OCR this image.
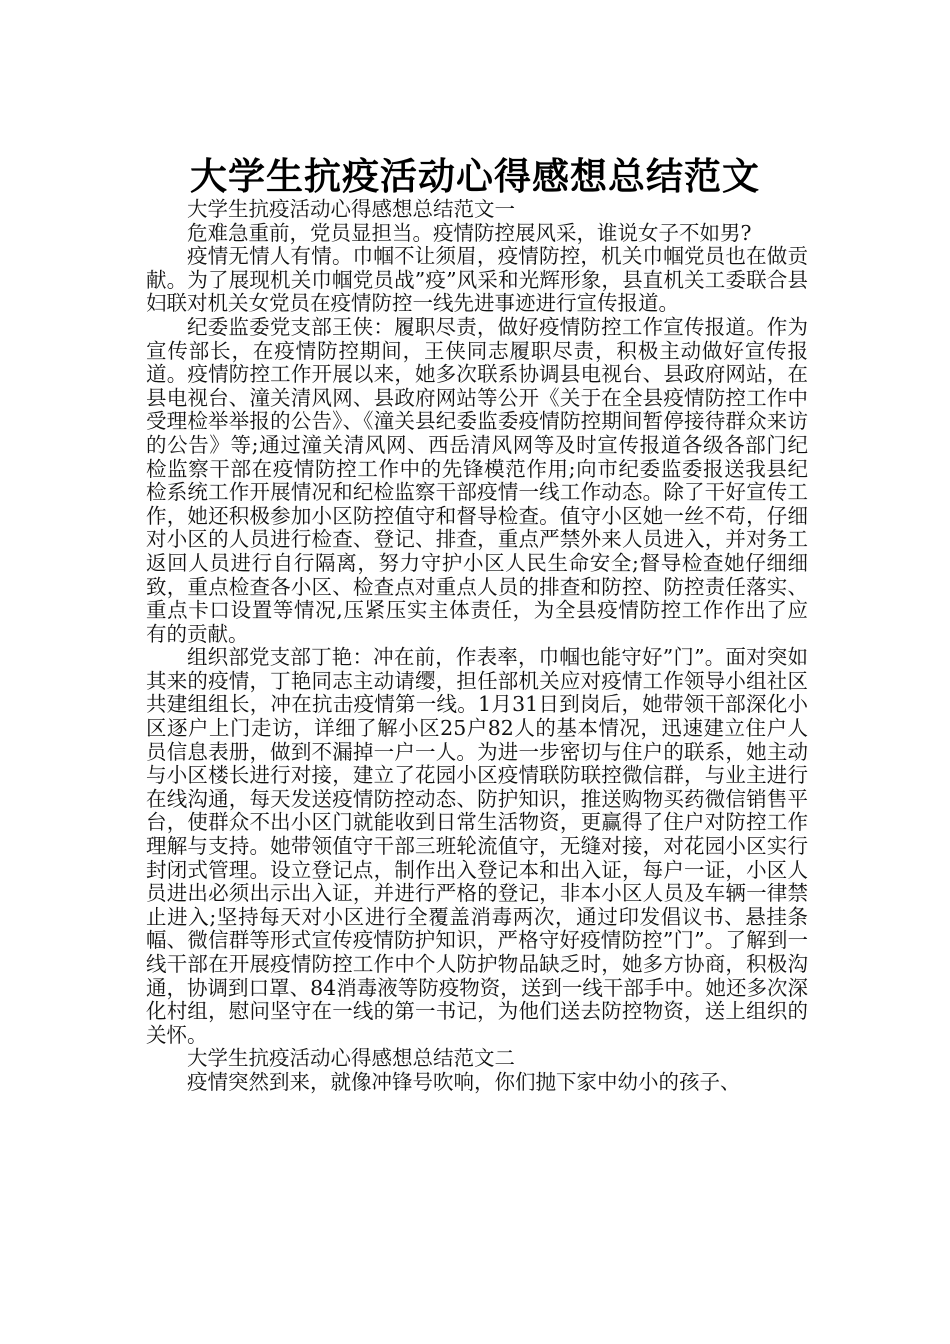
大学生抗疫活动心得感想总结范文

大学生抗疫活动心得感想总结范文一

危难急重前，党员显担当。疫情防控展风采，谁说女子不如男?

疫情无情人有情。巾帼不让须眉，疫情防控，机关巾帼党员也在做贡献。为了展现机关巾帼党员战”疫”风采和光辉形象，县直机关工委联合县妇联对机关女党员在疫情防控一线先进事迹进行宣传报道。

纪委监委党支部王侠：履职尽责，做好疫情防控工作宣传报道。作为宣传部长，在疫情防控期间，王侠同志履职尽责，积极主动做好宣传报道。疫情防控工作开展以来，她多次联系协调县电视台、县政府网站，在县电视台、潼关清风网、县政府网站等公开《关于在全县疫情防控工作中受理检举举报的公告》、《潼关县纪委监委疫情防控期间暂停接待群众来访的公告》等;通过潼关清风网、西岳清风网等及时宣传报道各级各部门纪检监察干部在疫情防控工作中的先锋模范作用;向市纪委监委报送我县纪检系统工作开展情况和纪检监察干部疫情一线工作动态。除了干好宣传工作，她还积极参加小区防控值守和督导检查。值守小区她一丝不苟，仔细对小区的人员进行检查、登记、排查，重点严禁外来人员进入，并对务工返回人员进行自行隔离，努力守护小区人民生命安全;督导检查她仔细细致，重点检查各小区、检查点对重点人员的排查和防控、防控责任落实、重点卡口设置等情况,压紧压实主体责任，为全县疫情防控工作作出了应有的贡献。

组织部党支部丁艳：冲在前，作表率，巾帼也能守好”门”。面对突如其来的疫情，丁艳同志主动请缨，担任部机关应对疫情工作领导小组社区共建组组长，冲在抗击疫情第一线。1月31日到岗后，她带领干部深化小区逐户上门走访，详细了解小区25户82人的基本情况，迅速建立住户人员信息表册，做到不漏掉一户一人。为进一步密切与住户的联系，她主动与小区楼长进行对接，建立了花园小区疫情联防联控微信群，与业主进行在线沟通，每天发送疫情防控动态、防护知识，推送购物买药微信销售平台，使群众不出小区门就能收到日常生活物资，更赢得了住户对防控工作理解与支持。她带领值守干部三班轮流值守，无缝对接，对花园小区实行封闭式管理。设立登记点，制作出入登记本和出入证，每户一证，小区人员进出必须出示出入证，并进行严格的登记，非本小区人员及车辆一律禁止进入;坚持每天对小区进行全覆盖消毒两次，通过印发倡议书、悬挂条幅、微信群等形式宣传疫情防护知识，严格守好疫情防控”门”。了解到一线干部在开展疫情防控工作中个人防护物品缺乏时，她多方协商，积极沟通，协调到口罩、84消毒液等防疫物资，送到一线干部手中。她还多次深化村组，慰问坚守在一线的第一书记，为他们送去防控物资，送上组织的关怀。

大学生抗疫活动心得感想总结范文二

疫情突然到来，就像冲锋号吹响，你们抛下家中幼小的孩子、
